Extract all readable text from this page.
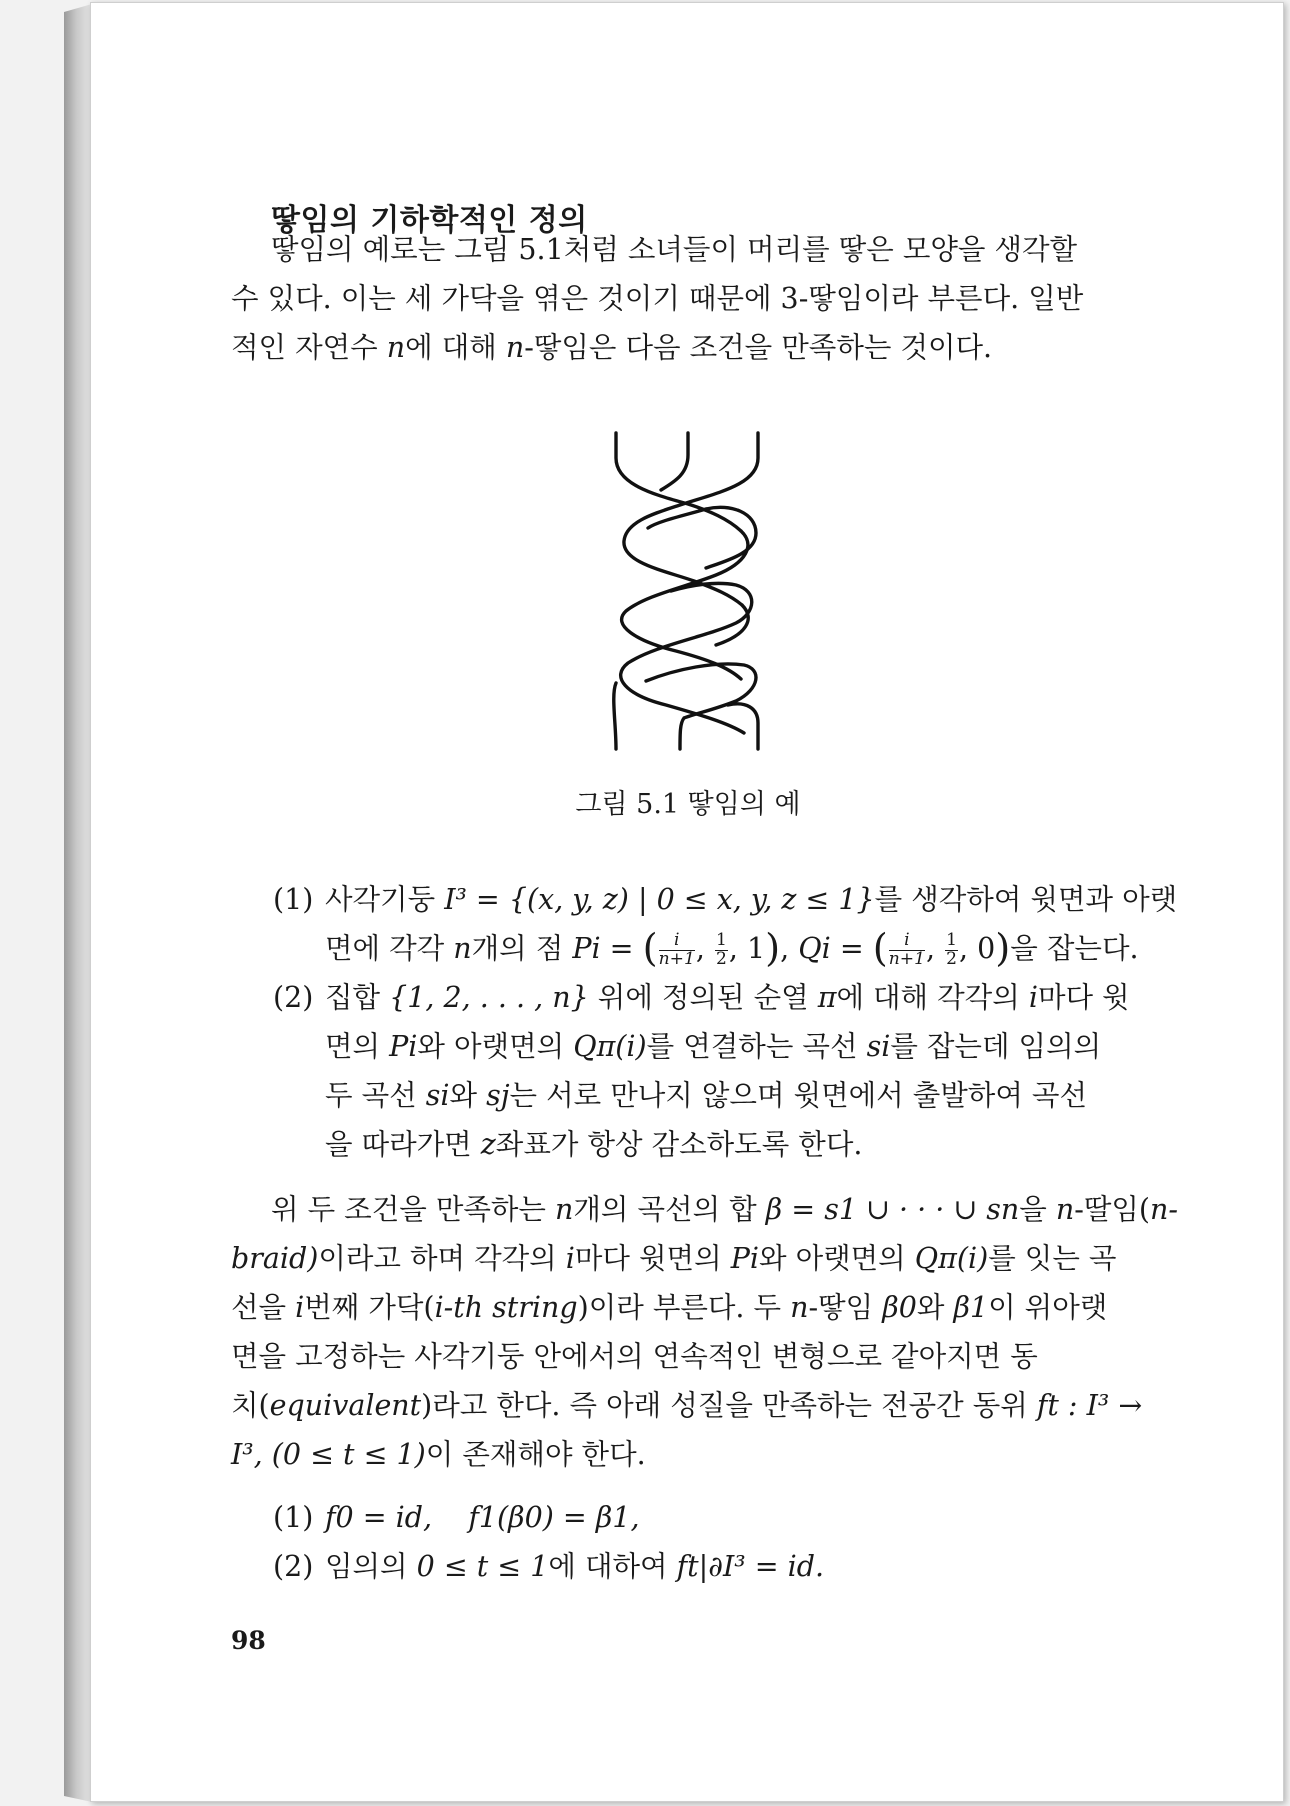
땋임의 기하학적인 정의

땋임의 예로는 그림 5.1처럼 소녀들이 머리를 땋은 모양을 생각할

수 있다. 이는 세 가닥을 엮은 것이기 때문에 3-땋임이라 부른다. 일반

적인 자연수 n에 대해 n-땋임은 다음 조건을 만족하는 것이다.

그림 5.1 땋임의 예
(1) 사각기둥 I³ = {(x, y, z) | 0 ≤ x, y, z ≤ 1}를 생각하여 윗면과 아랫
면에 각각 n개의 점 Pi = ( $\frac{i}{n+1}$ , $\frac{1}{2}$ , 1), Qi = ( $\frac{i}{n+1}$ , $\frac{1}{2}$ , 0)을 잡는다.
(2) 집합 {1, 2, . . . , n} 위에 정의된 순열 π에 대해 각각의 i마다 윗
면의 Pi와 아랫면의 Qπ(i)를 연결하는 곡선 si를 잡는데 임의의
두 곡선 si와 sj는 서로 만나지 않으며 윗면에서 출발하여 곡선
을 따라가면 z좌표가 항상 감소하도록 한다.

위 두 조건을 만족하는 n개의 곡선의 합 β = s1 ∪ · · · ∪ sn을 n-딸임(n-

braid)이라고 하며 각각의 i마다 윗면의 Pi와 아랫면의 Qπ(i)를 잇는 곡

선을 i번째 가닥(i-th string)이라 부른다. 두 n-땋임 β0와 β1이 위아랫

면을 고정하는 사각기둥 안에서의 연속적인 변형으로 같아지면 동

치(equivalent)라고 한다. 즉 아래 성질을 만족하는 전공간 동위 ft : I³ →

I³, (0 ≤ t ≤ 1)이 존재해야 한다.

(1) f0 = id,    f1(β0) = β1,
(2) 임의의 0 ≤ t ≤ 1에 대하여 ft|∂I³ = id.
98
